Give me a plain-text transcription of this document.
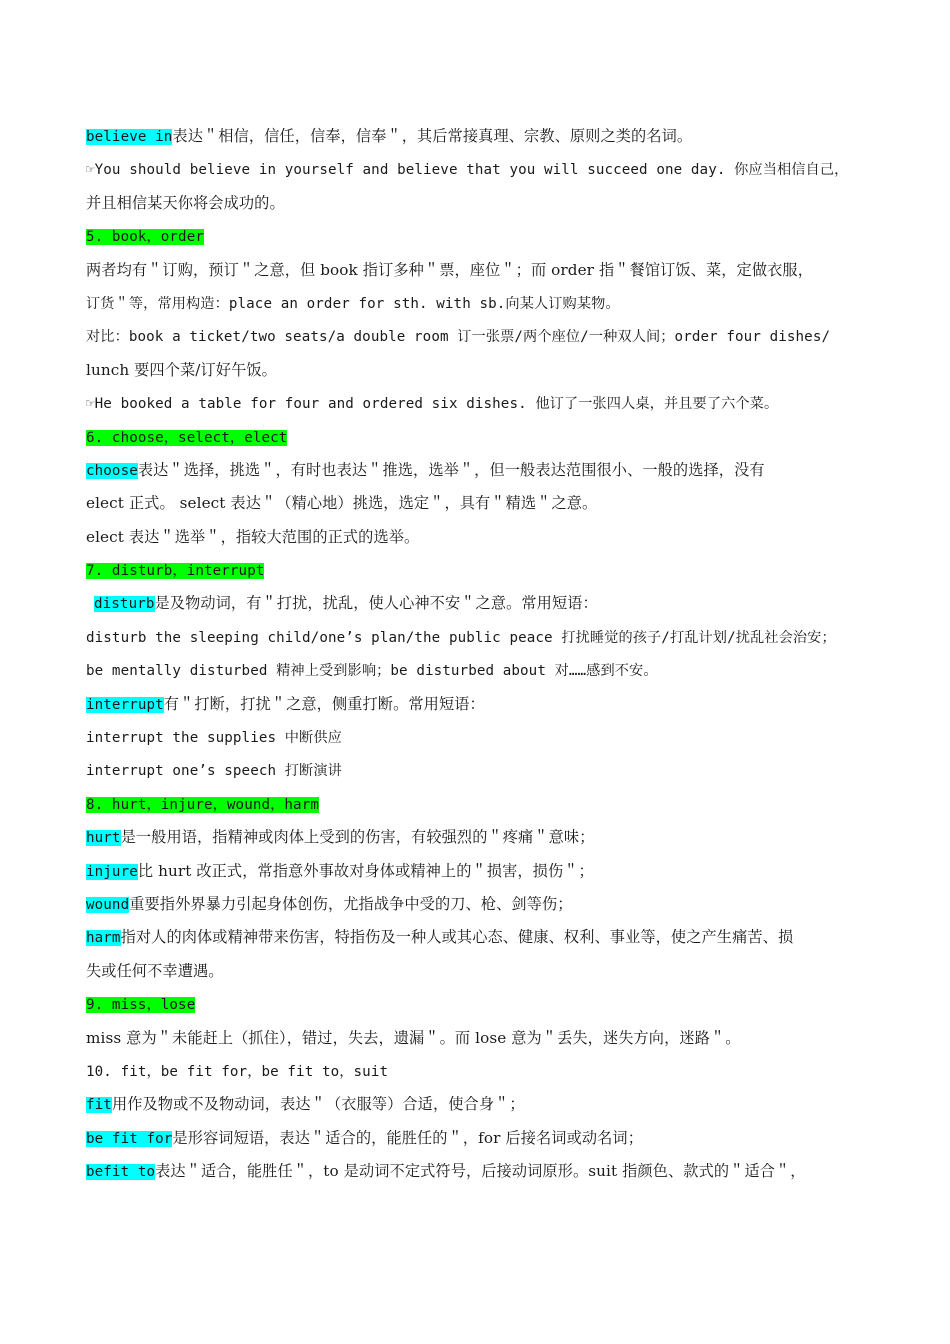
believe in表达＂相信，信任，信奉，信奉＂，其后常接真理、宗教、原则之类的名词。
☞You should believe in yourself and believe that you will succeed one day. 你应当相信自己，
并且相信某天你将会成功的。
5. book，order
两者均有＂订购，预订＂之意，但 book 指订多种＂票，座位＂；而 order 指＂餐馆订饭、菜，定做衣服，
订货＂等，常用构造：place an order for sth. with sb.向某人订购某物。
对比：book a ticket/two seats/a double room 订一张票/两个座位/一种双人间；order four dishes/
lunch 要四个菜/订好午饭。
☞He booked a table for four and ordered six dishes. 他订了一张四人桌，并且要了六个菜。
6. choose，select，elect
choose表达＂选择，挑选＂，有时也表达＂推选，选举＂，但一般表达范围很小、一般的选择，没有
elect 正式。 select 表达＂（精心地）挑选，选定＂，具有＂精选＂之意。
elect 表达＂选举＂，指较大范围的正式的选举。
7. disturb，interrupt
disturb是及物动词，有＂打扰，扰乱，使人心神不安＂之意。常用短语：
disturb the sleeping child/one’s plan/the public peace 打扰睡觉的孩子/打乱计划/扰乱社会治安；
be mentally disturbed 精神上受到影响；be disturbed about 对……感到不安。
interrupt有＂打断，打扰＂之意，侧重打断。常用短语：
interrupt the supplies 中断供应
interrupt one’s speech 打断演讲
8. hurt，injure，wound，harm
hurt是一般用语，指精神或肉体上受到的伤害，有较强烈的＂疼痛＂意味；
injure比 hurt 改正式，常指意外事故对身体或精神上的＂损害，损伤＂；
wound重要指外界暴力引起身体创伤，尤指战争中受的刀、枪、剑等伤；
harm指对人的肉体或精神带来伤害，特指伤及一种人或其心态、健康、权利、事业等，使之产生痛苦、损
失或任何不幸遭遇。
9. miss，lose
miss 意为＂未能赶上（抓住），错过，失去，遗漏＂。而 lose 意为＂丢失，迷失方向，迷路＂。
10. fit，be fit for，be fit to，suit
fit用作及物或不及物动词，表达＂（衣服等）合适，使合身＂；
be fit for是形容词短语，表达＂适合的，能胜任的＂，for 后接名词或动名词；
befit to表达＂适合，能胜任＂，to 是动词不定式符号，后接动词原形。suit 指颜色、款式的＂适合＂，
